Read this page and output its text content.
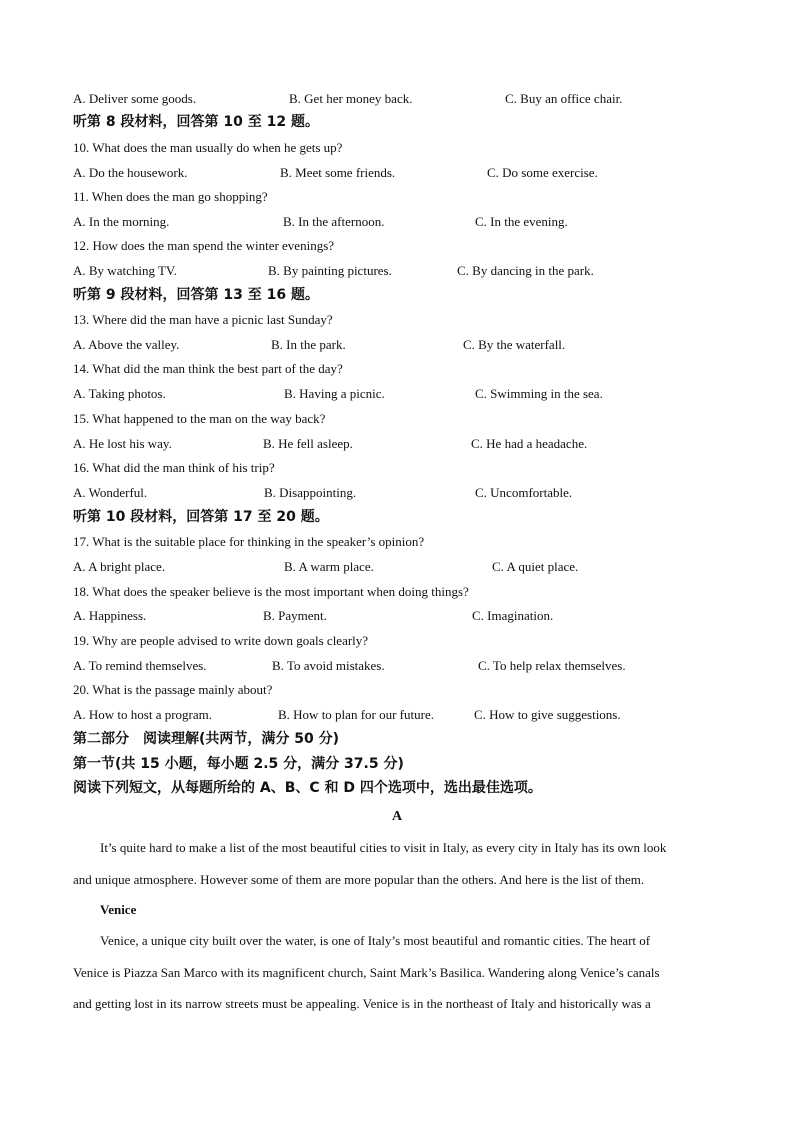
A. Deliver some goods.	B. Get her money back.	C. Buy an office chair.
听第 8 段材料，回答第 10 至 12 题。
10. What does the man usually do when he gets up?
A. Do the housework.	B. Meet some friends.	C. Do some exercise.
11. When does the man go shopping?
A. In the morning.	B. In the afternoon.	C. In the evening.
12. How does the man spend the winter evenings?
A. By watching TV.	B. By painting pictures.	C. By dancing in the park.
听第 9 段材料，回答第 13 至 16 题。
13. Where did the man have a picnic last Sunday?
A. Above the valley.	B. In the park.	C. By the waterfall.
14. What did the man think the best part of the day?
A. Taking photos.	B. Having a picnic.	C. Swimming in the sea.
15. What happened to the man on the way back?
A. He lost his way.	B. He fell asleep.	C. He had a headache.
16. What did the man think of his trip?
A. Wonderful.	B. Disappointing.	C. Uncomfortable.
听第 10 段材料，回答第 17 至 20 题。
17. What is the suitable place for thinking in the speaker’s opinion?
A. A bright place.	B. A warm place.	C. A quiet place.
18. What does the speaker believe is the most important when doing things?
A. Happiness.	B. Payment.	C. Imagination.
19. Why are people advised to write down goals clearly?
A. To remind themselves.	B. To avoid mistakes.	C. To help relax themselves.
20. What is the passage mainly about?
A. How to host a program.	B. How to plan for our future.	C. How to give suggestions.
第二部分　阅读理解(共两节，满分 50 分)
第一节(共 15 小题，每小题 2.5 分，满分 37.5 分)
阅读下列短文，从每题所给的 A、B、C 和 D 四个选项中，选出最佳选项。
A
It’s quite hard to make a list of the most beautiful cities to visit in Italy, as every city in Italy has its own look
and unique atmosphere. However some of them are more popular than the others. And here is the list of them.
Venice
Venice, a unique city built over the water, is one of Italy’s most beautiful and romantic cities. The heart of
Venice is Piazza San Marco with its magnificent church, Saint Mark’s Basilica. Wandering along Venice’s canals
and getting lost in its narrow streets must be appealing. Venice is in the northeast of Italy and historically was a
